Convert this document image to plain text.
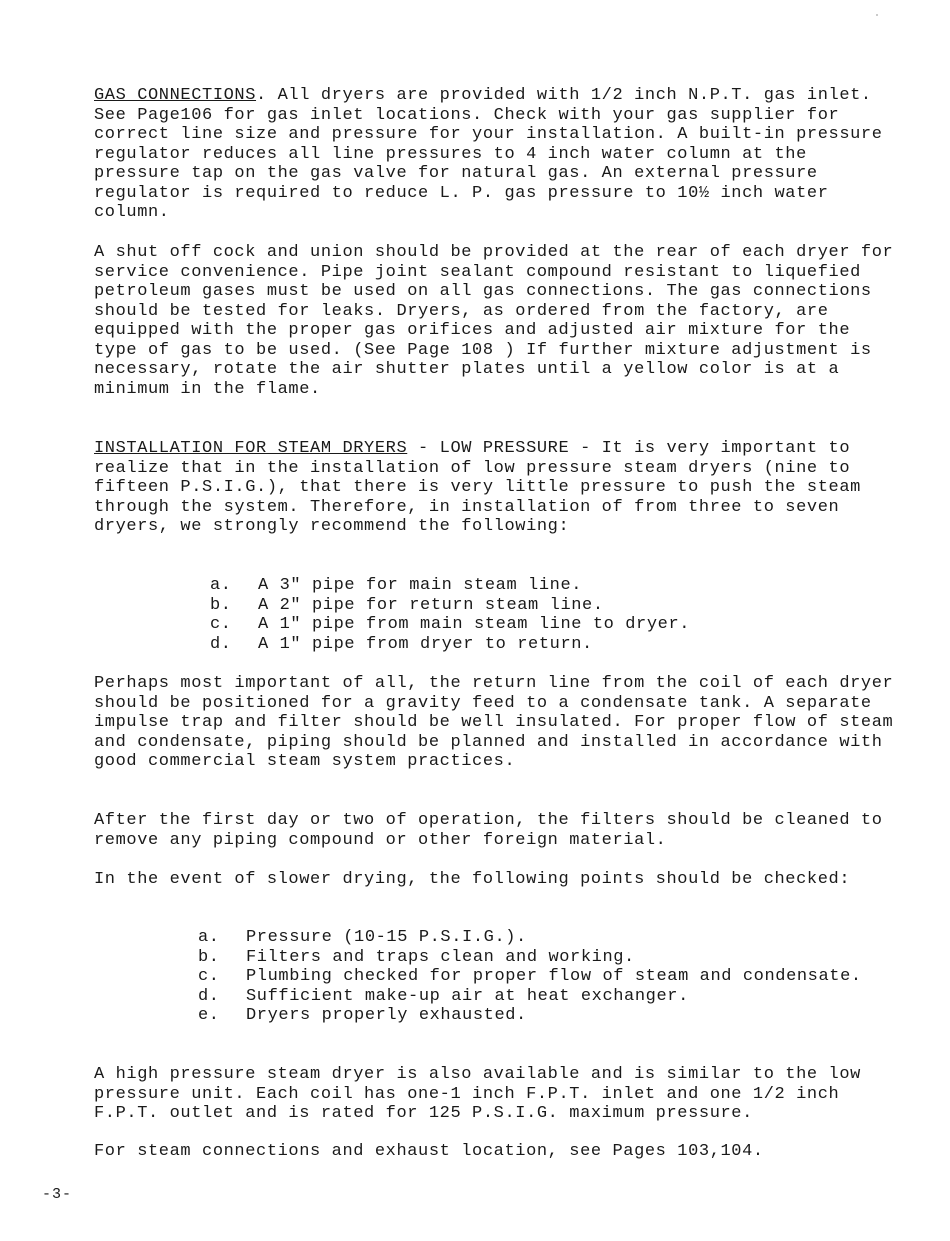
GAS CONNECTIONS. All dryers are provided with 1/2 inch N.P.T. gas inlet. See Page106 for gas inlet locations. Check with your gas supplier for correct line size and pressure for your installation. A built-in pressure regulator reduces all line pressures to 4 inch water column at the pressure tap on the gas valve for natural gas. An external pressure regulator is required to reduce L. P. gas pressure to 10½ inch water column.

A shut off cock and union should be provided at the rear of each dryer for service convenience. Pipe joint sealant compound resistant to liquefied petroleum gases must be used on all gas connections. The gas connections should be tested for leaks. Dryers, as ordered from the factory, are equipped with the proper gas orifices and adjusted air mixture for the type of gas to be used. (See Page 108 ) If further mixture adjustment is necessary, rotate the air shutter plates until a yellow color is at a minimum in the flame.

INSTALLATION FOR STEAM DRYERS - LOW PRESSURE - It is very important to realize that in the installation of low pressure steam dryers (nine to fifteen P.S.I.G.), that there is very little pressure to push the steam through the system. Therefore, in installation of from three to seven dryers, we strongly recommend the following:

a.	A 3" pipe for main steam line.
b.	A 2" pipe for return steam line.
c.	A 1" pipe from main steam line to dryer.
d.	A 1" pipe from dryer to return.

Perhaps most important of all, the return line from the coil of each dryer should be positioned for a gravity feed to a condensate tank. A separate impulse trap and filter should be well insulated. For proper flow of steam and condensate, piping should be planned and installed in accordance with good commercial steam system practices.

After the first day or two of operation, the filters should be cleaned to remove any piping compound or other foreign material.

In the event of slower drying, the following points should be checked:

a.	Pressure (10-15 P.S.I.G.).
b.	Filters and traps clean and working.
c.	Plumbing checked for proper flow of steam and condensate.
d.	Sufficient make-up air at heat exchanger.
e.	Dryers properly exhausted.

A high pressure steam dryer is also available and is similar to the low pressure unit. Each coil has one-1 inch F.P.T. inlet and one 1/2 inch F.P.T. outlet and is rated for 125 P.S.I.G. maximum pressure.

For steam connections and exhaust location, see Pages 103,104.

-3-
